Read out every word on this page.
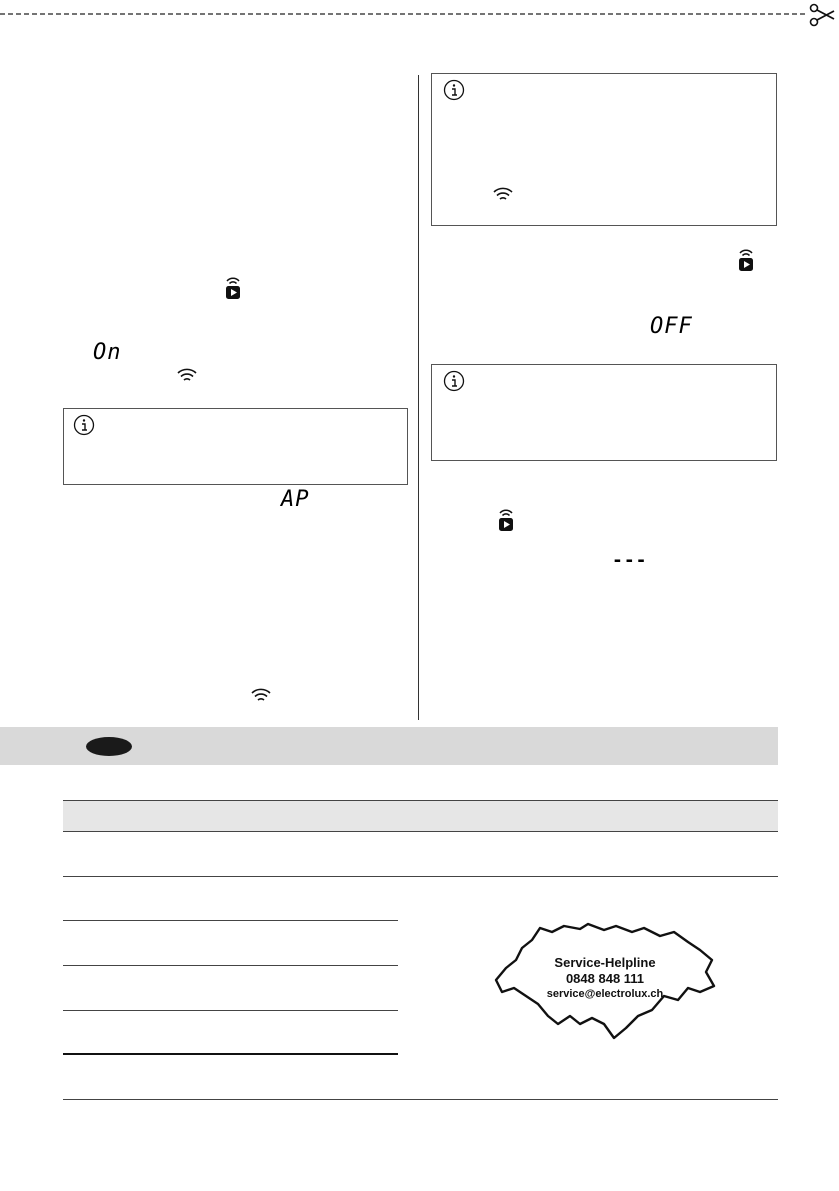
On
AP
OFF
---
Service-Helpline
0848 848 111
service@electrolux.ch
